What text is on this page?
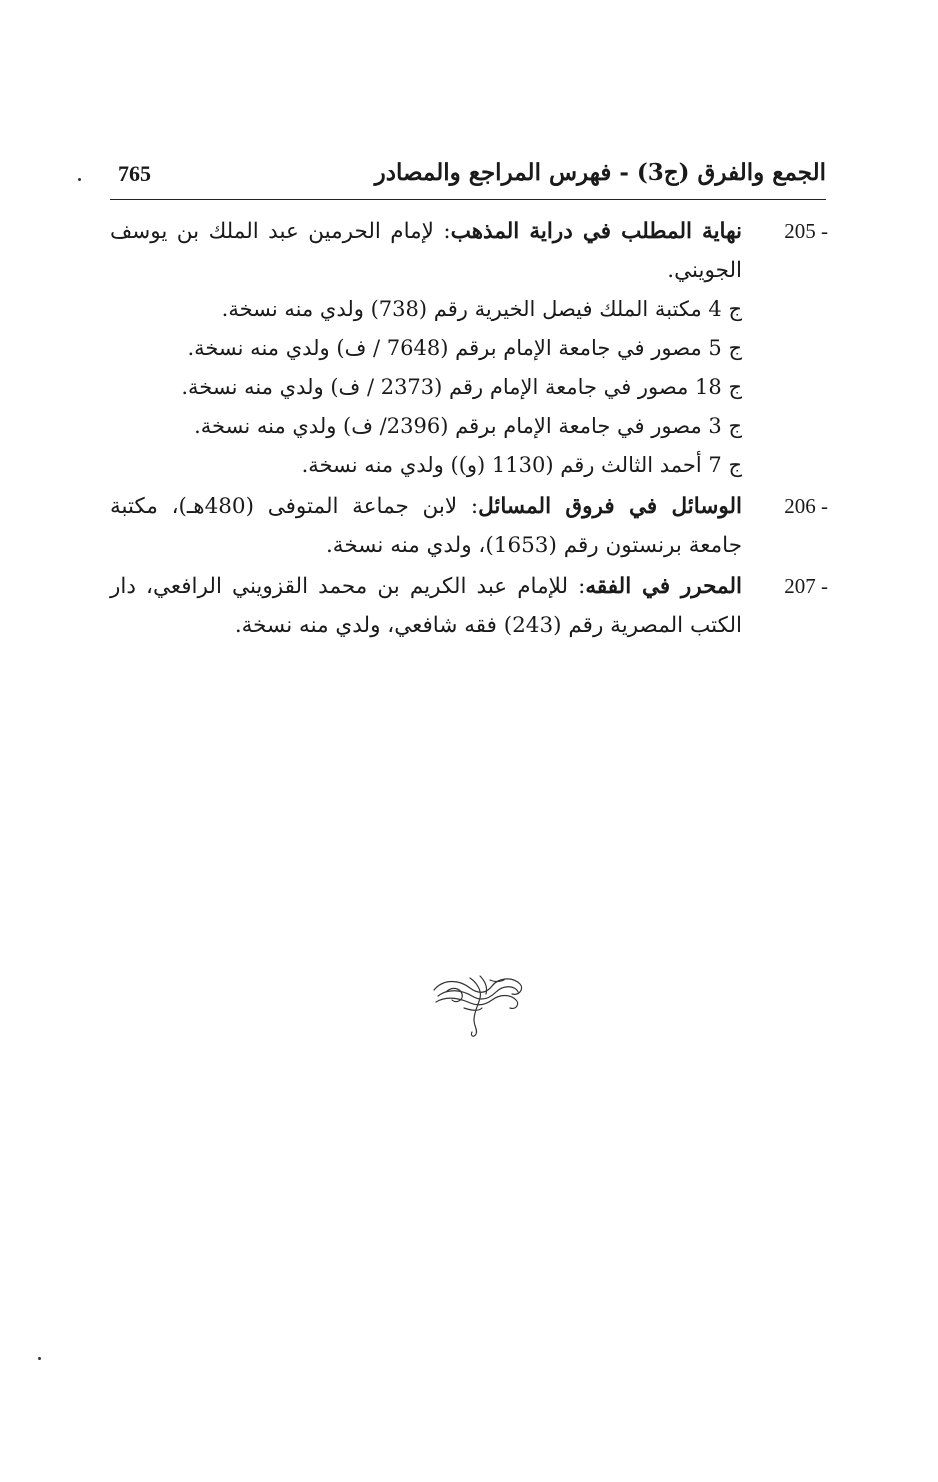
الجمع والفرق (ج3) - فهرس المراجع والمصادر
765
205 -
نهاية المطلب في دراية المذهب: لإمام الحرمين عبد الملك بن يوسف الجويني.
ج 4 مكتبة الملك فيصل الخيرية رقم (738) ولدي منه نسخة.
ج 5 مصور في جامعة الإمام برقم (7648 / ف) ولدي منه نسخة.
ج 18 مصور في جامعة الإمام رقم (2373 / ف) ولدي منه نسخة.
ج 3 مصور في جامعة الإمام برقم (2396/ ف) ولدي منه نسخة.
ج 7 أحمد الثالث رقم (1130 (و)) ولدي منه نسخة.
206 -
الوسائل في فروق المسائل: لابن جماعة المتوفى (480هـ)، مكتبة جامعة برنستون رقم (1653)، ولدي منه نسخة.
207 -
المحرر في الفقه: للإمام عبد الكريم بن محمد القزويني الرافعي، دار الكتب المصرية رقم (243) فقه شافعي، ولدي منه نسخة.
